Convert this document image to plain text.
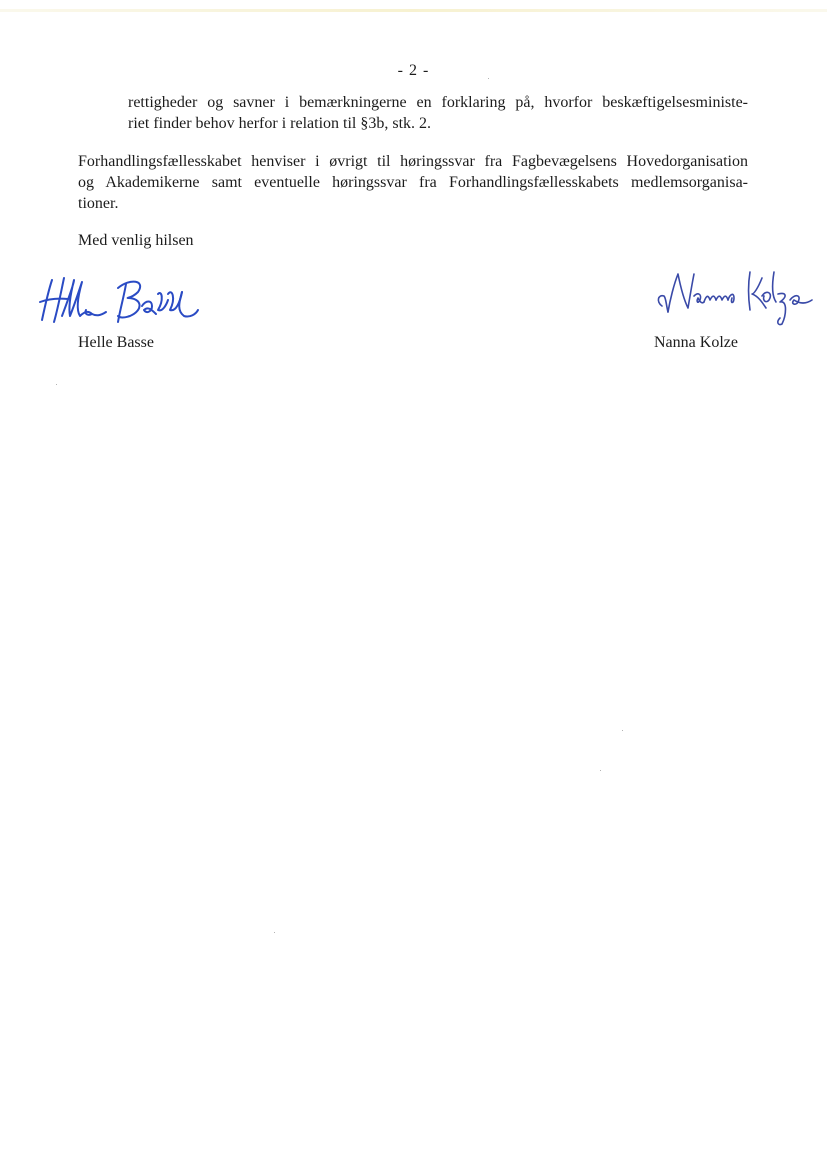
- 2 -

rettigheder og savner i bemærkningerne en forklaring på, hvorfor beskæftigelsesministe-
riet finder behov herfor i relation til §3b, stk. 2.

Forhandlingsfællesskabet henviser i øvrigt til høringssvar fra Fagbevægelsens Hovedorganisation
og Akademikerne samt eventuelle høringssvar fra Forhandlingsfællesskabets medlemsorganisa-
tioner.

Med venlig hilsen

Helle Basse	Nanna Kolze
